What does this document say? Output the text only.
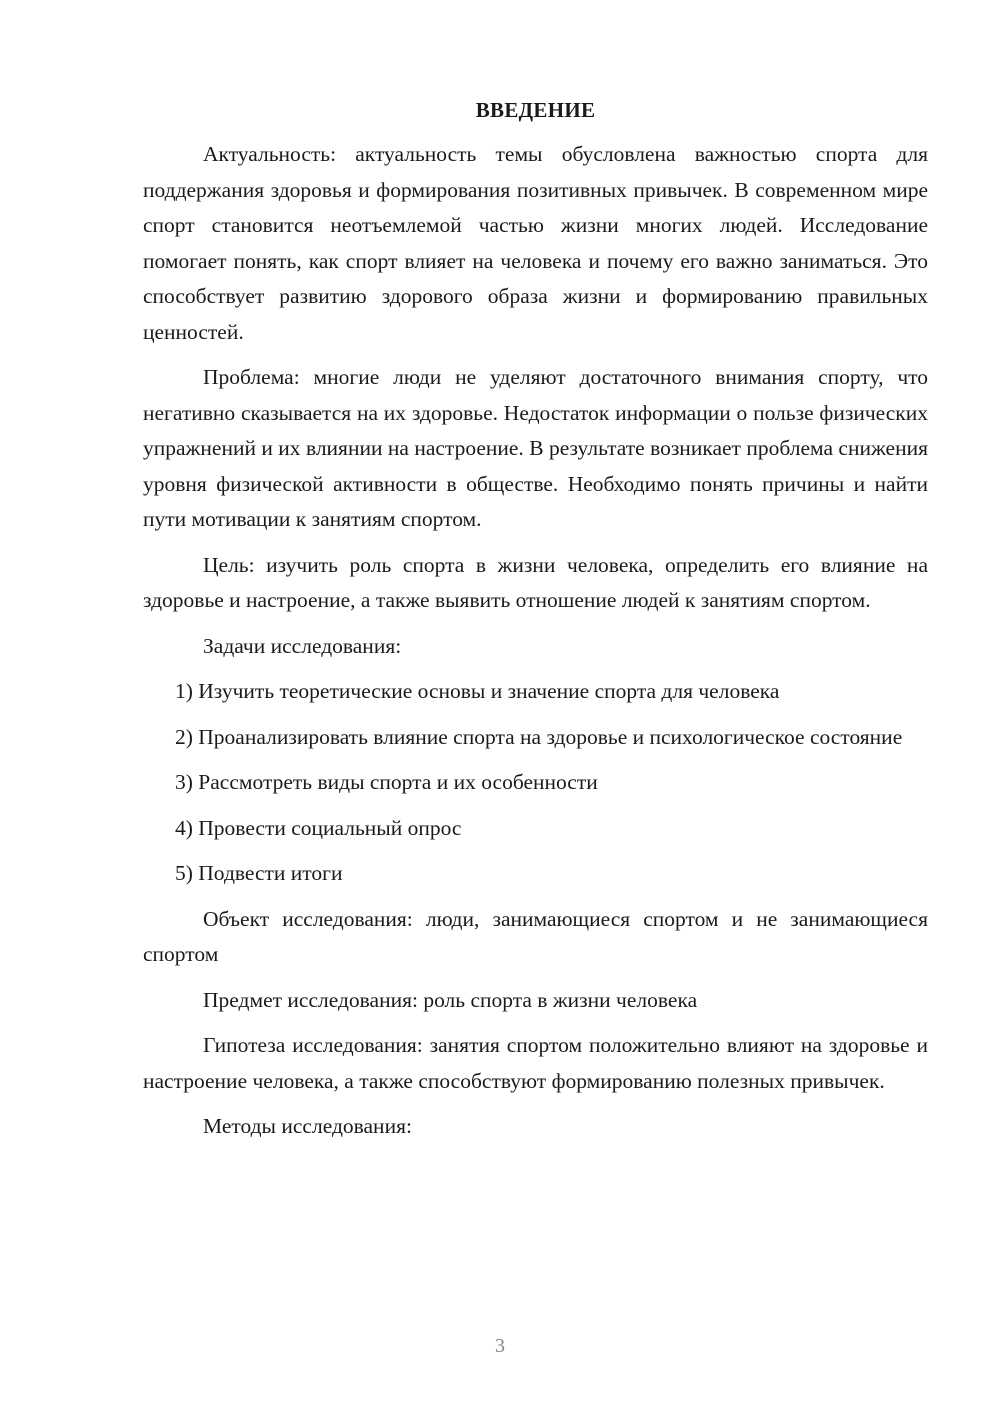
ВВЕДЕНИЕ

Актуальность: актуальность темы обусловлена важностью спорта для поддержания здоровья и формирования позитивных привычек. В современном мире спорт становится неотъемлемой частью жизни многих людей. Исследование помогает понять, как спорт влияет на человека и почему его важно заниматься. Это способствует развитию здорового образа жизни и формированию правильных ценностей.

Проблема: многие люди не уделяют достаточного внимания спорту, что негативно сказывается на их здоровье. Недостаток информации о пользе физических упражнений и их влиянии на настроение. В результате возникает проблема снижения уровня физической активности в обществе. Необходимо понять причины и найти пути мотивации к занятиям спортом.

Цель: изучить роль спорта в жизни человека, определить его влияние на здоровье и настроение, а также выявить отношение людей к занятиям спортом.

Задачи исследования:

1) Изучить теоретические основы и значение спорта для человека

2) Проанализировать влияние спорта на здоровье и психологическое состояние

3) Рассмотреть виды спорта и их особенности

4) Провести социальный опрос

5) Подвести итоги

Объект исследования: люди, занимающиеся спортом и не занимающиеся спортом

Предмет исследования: роль спорта в жизни человека

Гипотеза исследования: занятия спортом положительно влияют на здоровье и настроение человека, а также способствуют формированию полезных привычек.

Методы исследования:

3
